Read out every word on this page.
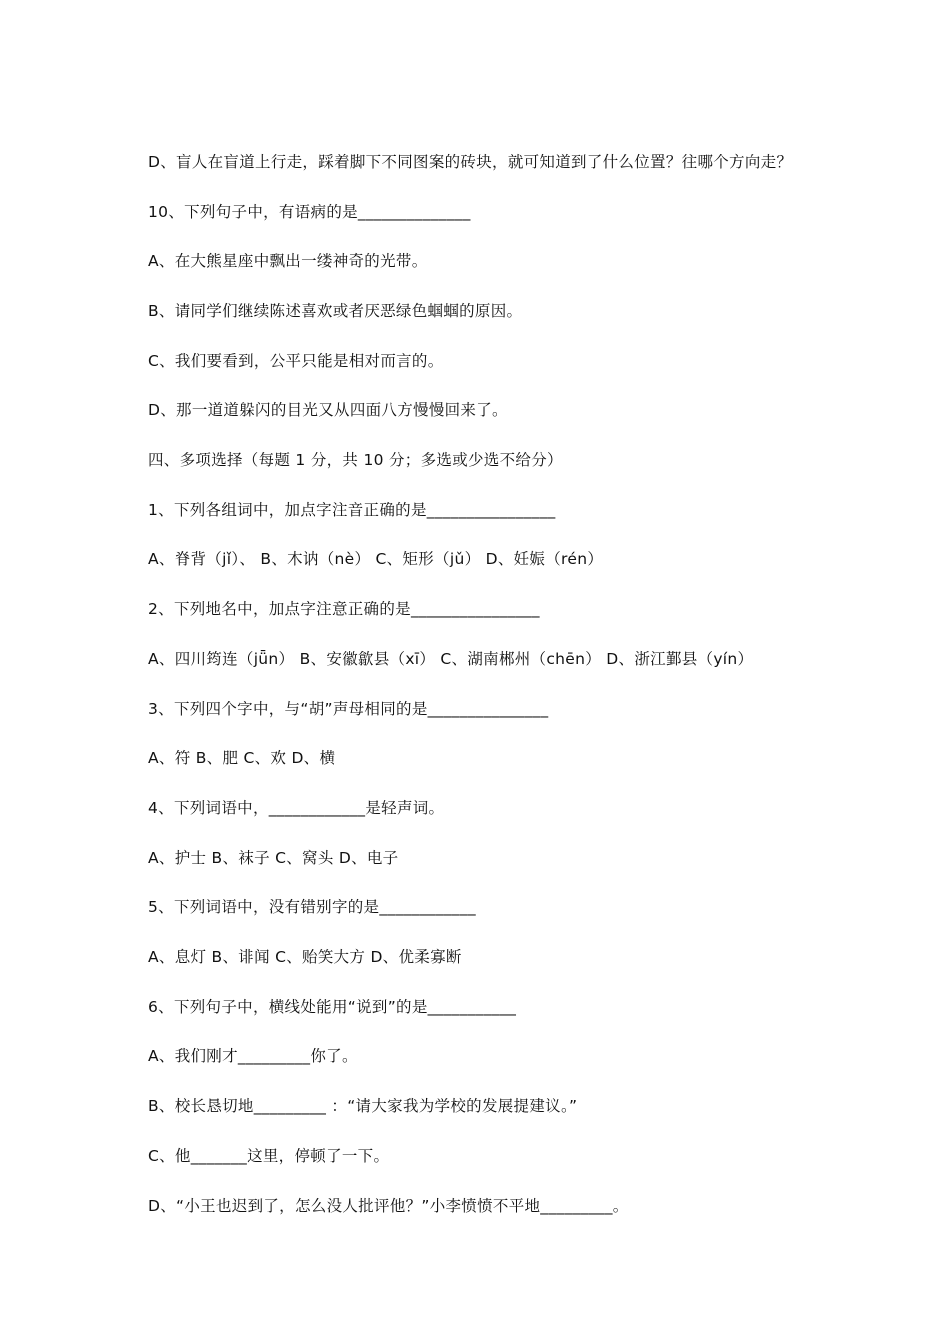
D、盲人在盲道上行走，踩着脚下不同图案的砖块，就可知道到了什么位置？往哪个方向走？
10、下列句子中，有语病的是______________
A、在大熊星座中飘出一缕神奇的光带。
B、请同学们继续陈述喜欢或者厌恶绿色蝈蝈的原因。
C、我们要看到，公平只能是相对而言的。
D、那一道道躲闪的目光又从四面八方慢慢回来了。
四、多项选择（每题 1 分，共 10 分；多选或少选不给分）
1、下列各组词中，加点字注音正确的是________________
A、脊背（jǐ）、 B、木讷（nè） C、矩形（jǔ） D、妊娠（rén）
2、下列地名中，加点字注意正确的是________________
A、四川筠连（jǖn） B、安徽歙县（xī） C、湖南郴州（chēn） D、浙江鄞县（yín）
3、下列四个字中，与“胡”声母相同的是_______________
A、符 B、肥 C、欢 D、横
4、下列词语中，____________是轻声词。
A、护士 B、袜子 C、窝头 D、电子
5、下列词语中，没有错别字的是____________
A、息灯 B、诽闻 C、贻笑大方 D、优柔寡断
6、下列句子中，横线处能用“说到”的是___________
A、我们刚才_________你了。
B、校长恳切地_________ ：“请大家我为学校的发展提建议。”
C、他_______这里，停顿了一下。
D、“小王也迟到了，怎么没人批评他？”小李愤愤不平地_________。
